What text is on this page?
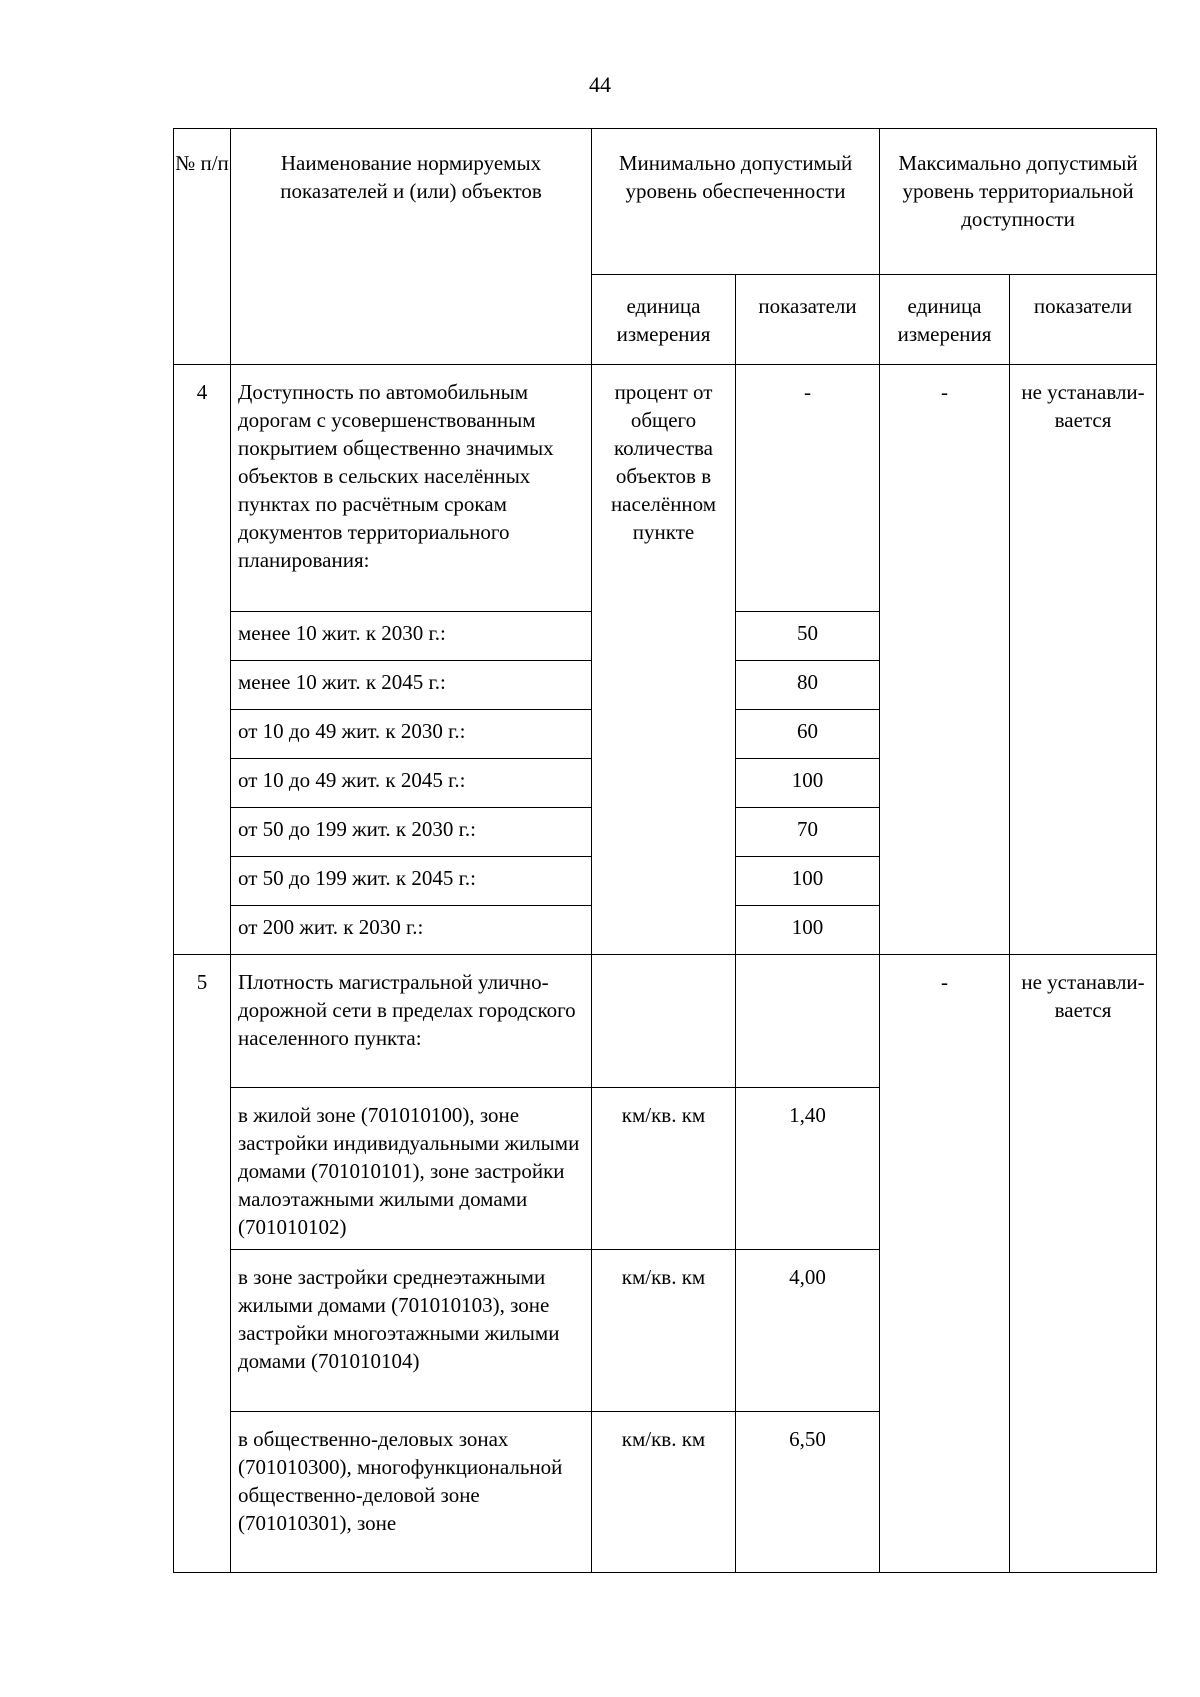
44
№ п/п	Наименование нормируемых показателей и (или) объектов	Минимально допустимый уровень обеспеченности		Максимально допустимый уровень территориальной доступности	
		единица измерения	показатели	единица измерения	показатели
4	Доступность по автомобильным дорогам с усовершенствованным покрытием общественно значимых объектов в сельских населённых пунктах по расчётным срокам документов территориального планирования:	процент от общего количества объектов в населённом пункте	-	-	не устанавли-вается
	менее 10 жит. к 2030 г.:		50		
	менее 10 жит. к 2045 г.:		80		
	от 10 до 49 жит. к 2030 г.:		60		
	от 10 до 49 жит. к 2045 г.:		100		
	от 50 до 199 жит. к 2030 г.:		70		
	от 50 до 199 жит. к 2045 г.:		100		
	от 200 жит. к 2030 г.:		100		
5	Плотность магистральной улично-дорожной сети в пределах городского населенного пункта:			-	не устанавли-вается
	в жилой зоне (701010100), зоне застройки индивидуальными жилыми домами (701010101), зоне застройки малоэтажными жилыми домами (701010102)	км/кв. км	1,40		
	в зоне застройки среднеэтажными жилыми домами (701010103), зоне застройки многоэтажными жилыми домами (701010104)	км/кв. км	4,00		
	в общественно-деловых зонах (701010300), многофункциональной общественно-деловой зоне (701010301), зоне	км/кв. км	6,50		
